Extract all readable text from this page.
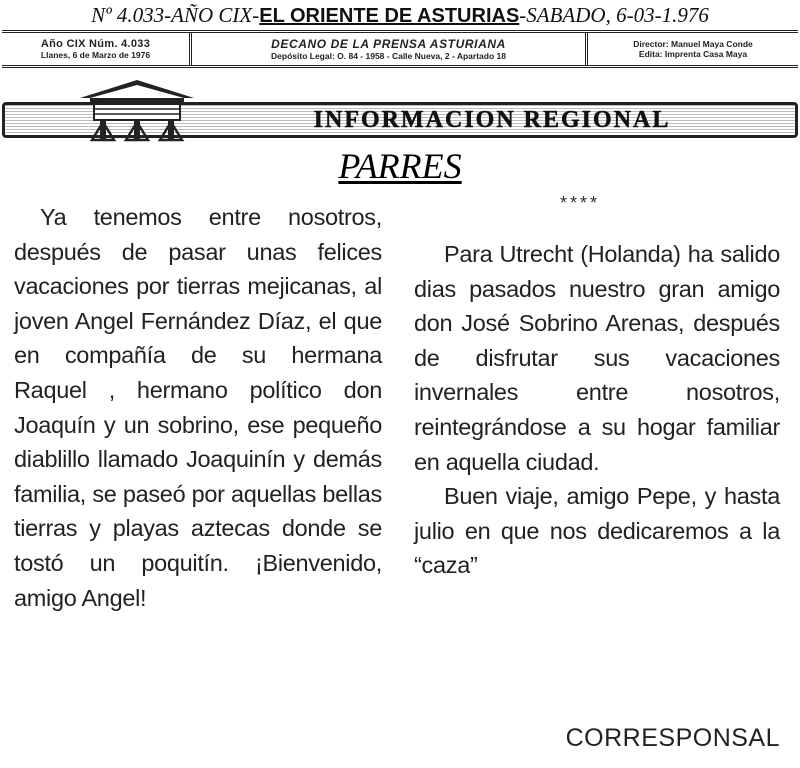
Nº 4.033-AÑO CIX-EL ORIENTE DE ASTURIAS-SABADO, 6-03-1.976
Año CIX Núm. 4.033
Llanes, 6 de Marzo de 1976
DECANO DE LA PRENSA ASTURIANA
Depósito Legal: O. 84 - 1958 - Calle Nueva, 2 - Apartado 18
Director: Manuel Maya Conde
Edita: Imprenta Casa Maya
INFORMACION REGIONAL
PARRES
Ya tenemos entre nosotros, después de pasar unas felices vacaciones por tierras mejicanas, al joven Angel Fernández Díaz, el que en compañía de su hermana Raquel , hermano político don Joaquín y un sobrino, ese pequeño diablillo llamado Joaquinín y demás familia, se paseó por aquellas bellas tierras y playas aztecas donde se tostó un poquitín. ¡Bienvenido, amigo Angel!
****

Para Utrecht (Holanda) ha salido dias pasados nuestro gran amigo don José Sobrino Arenas, después de disfrutar sus vacaciones invernales entre nosotros, reintegrándose a su hogar familiar en aquella ciudad.

Buen viaje, amigo Pepe, y hasta julio en que nos dedicaremos a la “caza”

CORRESPONSAL
